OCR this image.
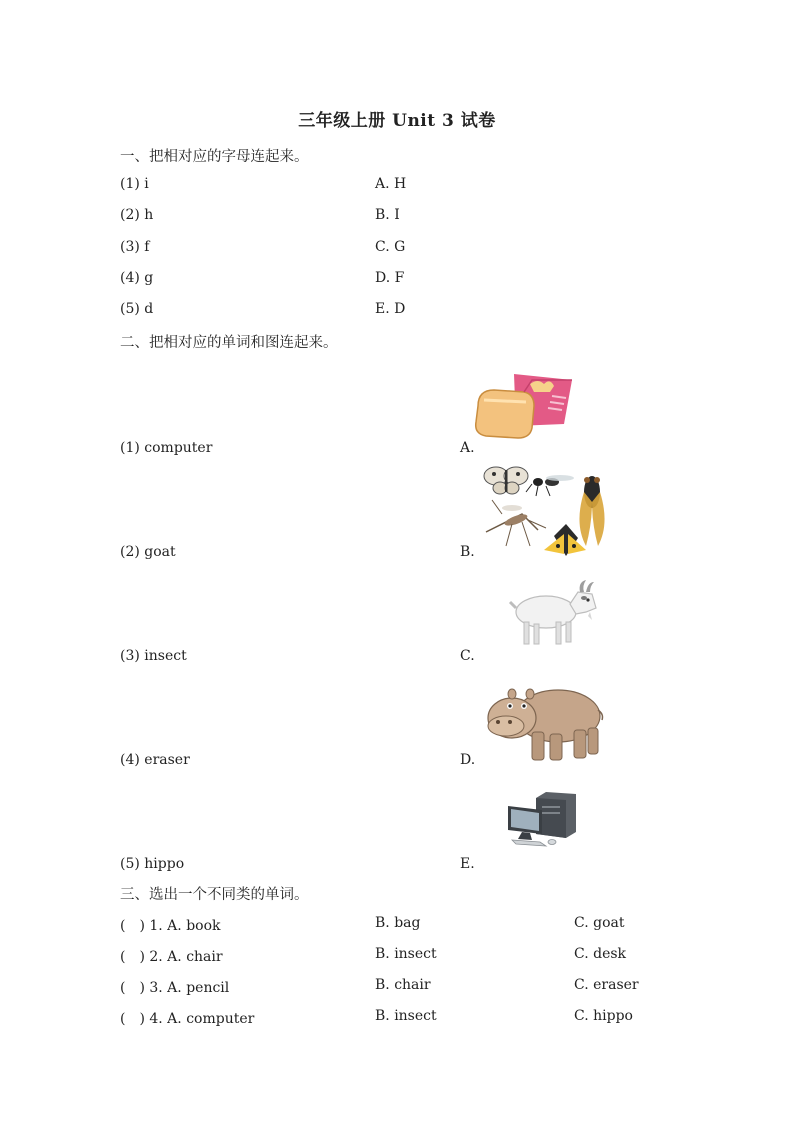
三年级上册 Unit 3 试卷
一、把相对应的字母连起来。
(1) i	A. H
(2) h	B. I
(3) f	C. G
(4) g	D. F
(5) d	E. D
二、把相对应的单词和图连起来。
(1) computer	A.
(2) goat	B.
(3) insect	C.
(4) eraser	D.
(5) hippo	E.
三、选出一个不同类的单词。
(　) 1. A. book	B. bag	C. goat
(　) 2. A. chair	B. insect	C. desk
(　) 3. A. pencil	B. chair	C. eraser
(　) 4. A. computer	B. insect	C. hippo
